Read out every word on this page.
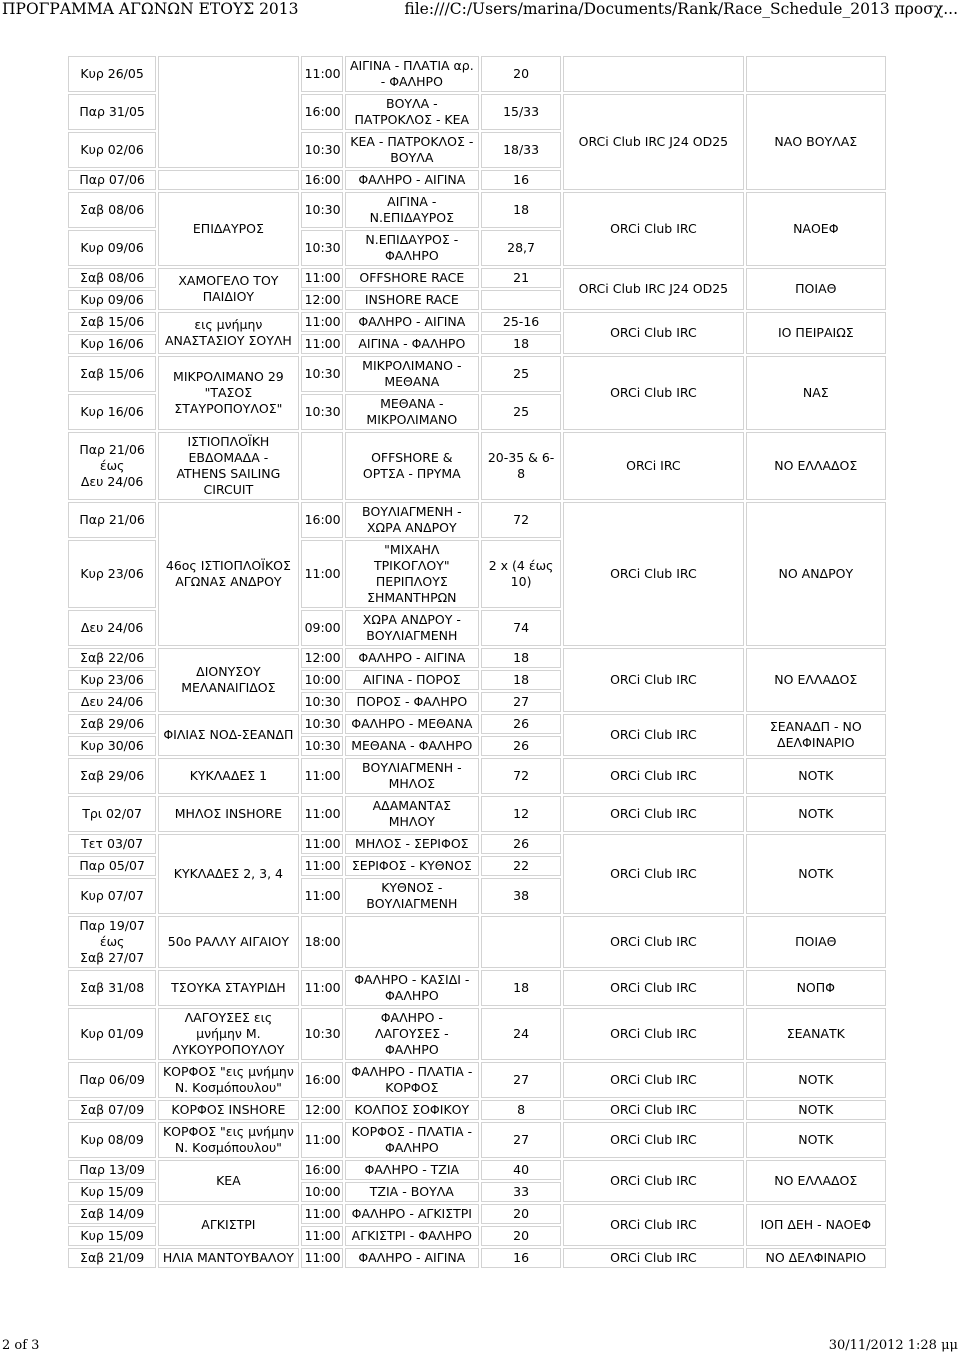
ΠΡΟΓΡΑΜΜΑ ΑΓΩΝΩΝ ΕΤΟΥΣ 2013	file:///C:/Users/marina/Documents/Rank/Race_Schedule_2013 προσχ...
Κυρ 26/05		11:00	ΑΙΓΙΝΑ - ΠΛΑΤΙΑ αρ. - ΦΑΛΗΡΟ	20		
Παρ 31/05		16:00	ΒΟΥΛΑ - ΠΑΤΡΟΚΛΟΣ - ΚΕΑ	15/33	ORCi Club IRC J24 OD25	ΝΑΟ ΒΟΥΛΑΣ
Κυρ 02/06		10:30	ΚΕΑ - ΠΑΤΡΟΚΛΟΣ - ΒΟΥΛΑ	18/33		
Παρ 07/06		16:00	ΦΑΛΗΡΟ - ΑΙΓΙΝΑ	16		
Σαβ 08/06	ΕΠΙΔΑΥΡΟΣ	10:30	ΑΙΓΙΝΑ - Ν.ΕΠΙΔΑΥΡΟΣ	18	ORCi Club IRC	ΝΑΟΕΦ
Κυρ 09/06		10:30	Ν.ΕΠΙΔΑΥΡΟΣ - ΦΑΛΗΡΟ	28,7		
Σαβ 08/06	ΧΑΜΟΓΕΛΟ ΤΟΥ ΠΑΙΔΙΟΥ	11:00	OFFSHORE RACE	21	ORCi Club IRC J24 OD25	ΠΟΙΑΘ
Κυρ 09/06		12:00	INSHORE RACE			
Σαβ 15/06	εις μνήμην ΑΝΑΣΤΑΣΙΟΥ ΣΟΥΛΗ	11:00	ΦΑΛΗΡΟ - ΑΙΓΙΝΑ	25-16	ORCi Club IRC	ΙΟ ΠΕΙΡΑΙΩΣ
Κυρ 16/06		11:00	ΑΙΓΙΝΑ - ΦΑΛΗΡΟ	18		
Σαβ 15/06	ΜΙΚΡΟΛΙΜΑΝΟ 29 "ΤΑΣΟΣ ΣΤΑΥΡΟΠΟΥΛΟΣ"	10:30	ΜΙΚΡΟΛΙΜΑΝΟ - ΜΕΘΑΝΑ	25	ORCi Club IRC	ΝΑΣ
Κυρ 16/06		10:30	ΜΕΘΑΝΑ - ΜΙΚΡΟΛΙΜΑΝΟ	25		
Παρ 21/06
έως
Δευ 24/06	ΙΣΤΙΟΠΛΟΪΚΗ ΕΒΔΟΜΑΔΑ - ATHENS SAILING CIRCUIT		OFFSHORE & ΟΡΤΣΑ - ΠΡΥΜΑ	20-35 & 6-8	ORCi IRC	ΝΟ ΕΛΛΑΔΟΣ
Παρ 21/06	46ος ΙΣΤΙΟΠΛΟΪΚΟΣ ΑΓΩΝΑΣ ΑΝΔΡΟΥ	16:00	ΒΟΥΛΙΑΓΜΕΝΗ - ΧΩΡΑ ΑΝΔΡΟΥ	72	ORCi Club IRC	ΝΟ ΑΝΔΡΟΥ
Κυρ 23/06		11:00	"ΜΙΧΑΗΛ ΤΡΙΚΟΓΛΟΥ" ΠΕΡΙΠΛΟΥΣ ΣΗΜΑΝΤΗΡΩΝ	2 x (4 έως 10)		
Δευ 24/06		09:00	ΧΩΡΑ ΑΝΔΡΟΥ - ΒΟΥΛΙΑΓΜΕΝΗ	74		
Σαβ 22/06	ΔΙΟΝΥΣΟΥ ΜΕΛΑΝΑΙΓΙΔΟΣ	12:00	ΦΑΛΗΡΟ - ΑΙΓΙΝΑ	18	ORCi Club IRC	ΝΟ ΕΛΛΑΔΟΣ
Κυρ 23/06		10:00	ΑΙΓΙΝΑ - ΠΟΡΟΣ	18		
Δευ 24/06		10:30	ΠΟΡΟΣ - ΦΑΛΗΡΟ	27		
Σαβ 29/06	ΦΙΛΙΑΣ ΝΟΔ-ΣΕΑΝΔΠ	10:30	ΦΑΛΗΡΟ - ΜΕΘΑΝΑ	26	ORCi Club IRC	ΣΕΑΝΑΔΠ - ΝΟ ΔΕΛΦΙΝΑΡΙΟ
Κυρ 30/06		10:30	ΜΕΘΑΝΑ - ΦΑΛΗΡΟ	26		
Σαβ 29/06	ΚΥΚΛΑΔΕΣ 1	11:00	ΒΟΥΛΙΑΓΜΕΝΗ - ΜΗΛΟΣ	72	ORCi Club IRC	ΝΟΤΚ
Τρι 02/07	ΜΗΛΟΣ INSHORE	11:00	ΑΔΑΜΑΝΤΑΣ ΜΗΛΟΥ	12	ORCi Club IRC	ΝΟΤΚ
Τετ 03/07	ΚΥΚΛΑΔΕΣ 2, 3, 4	11:00	ΜΗΛΟΣ - ΣΕΡΙΦΟΣ	26	ORCi Club IRC	ΝΟΤΚ
Παρ 05/07		11:00	ΣΕΡΙΦΟΣ - ΚΥΘΝΟΣ	22		
Κυρ 07/07		11:00	ΚΥΘΝΟΣ - ΒΟΥΛΙΑΓΜΕΝΗ	38		
Παρ 19/07
έως
Σαβ 27/07	50ο ΡΑΛΛΥ ΑΙΓΑΙΟΥ	18:00			ORCi Club IRC	ΠΟΙΑΘ
Σαβ 31/08	ΤΣΟΥΚΑ ΣΤΑΥΡΙΔΗ	11:00	ΦΑΛΗΡΟ - ΚΑΣΙΔΙ - ΦΑΛΗΡΟ	18	ORCi Club IRC	ΝΟΠΦ
Κυρ 01/09	ΛΑΓΟΥΣΕΣ εις μνήμην Μ. ΛΥΚΟΥΡΟΠΟΥΛΟΥ	10:30	ΦΑΛΗΡΟ - ΛΑΓΟΥΣΕΣ - ΦΑΛΗΡΟ	24	ORCi Club IRC	ΣΕΑΝΑΤΚ
Παρ 06/09	ΚΟΡΦΟΣ "εις μνήμην Ν. Κοσμόπουλου"	16:00	ΦΑΛΗΡΟ - ΠΛΑΤΙΑ - ΚΟΡΦΟΣ	27	ORCi Club IRC	ΝΟΤΚ
Σαβ 07/09	ΚΟΡΦΟΣ INSHORE	12:00	ΚΟΛΠΟΣ ΣΟΦΙΚΟΥ	8	ORCi Club IRC	ΝΟΤΚ
Κυρ 08/09	ΚΟΡΦΟΣ "εις μνήμην Ν. Κοσμόπουλου"	11:00	ΚΟΡΦΟΣ - ΠΛΑΤΙΑ - ΦΑΛΗΡΟ	27	ORCi Club IRC	ΝΟΤΚ
Παρ 13/09	ΚΕΑ	16:00	ΦΑΛΗΡΟ - ΤΖΙΑ	40	ORCi Club IRC	ΝΟ ΕΛΛΑΔΟΣ
Κυρ 15/09		10:00	ΤΖΙΑ - ΒΟΥΛΑ	33		
Σαβ 14/09	ΑΓΚΙΣΤΡΙ	11:00	ΦΑΛΗΡΟ - ΑΓΚΙΣΤΡΙ	20	ORCi Club IRC	ΙΟΠ ΔΕΗ - ΝΑΟΕΦ
Κυρ 15/09		11:00	ΑΓΚΙΣΤΡΙ - ΦΑΛΗΡΟ	20		
Σαβ 21/09	ΗΛΙΑ ΜΑΝΤΟΥΒΑΛΟΥ	11:00	ΦΑΛΗΡΟ - ΑΙΓΙΝΑ	16	ORCi Club IRC	ΝΟ ΔΕΛΦΙΝΑΡΙΟ
2 of 3	30/11/2012 1:28 μμ
